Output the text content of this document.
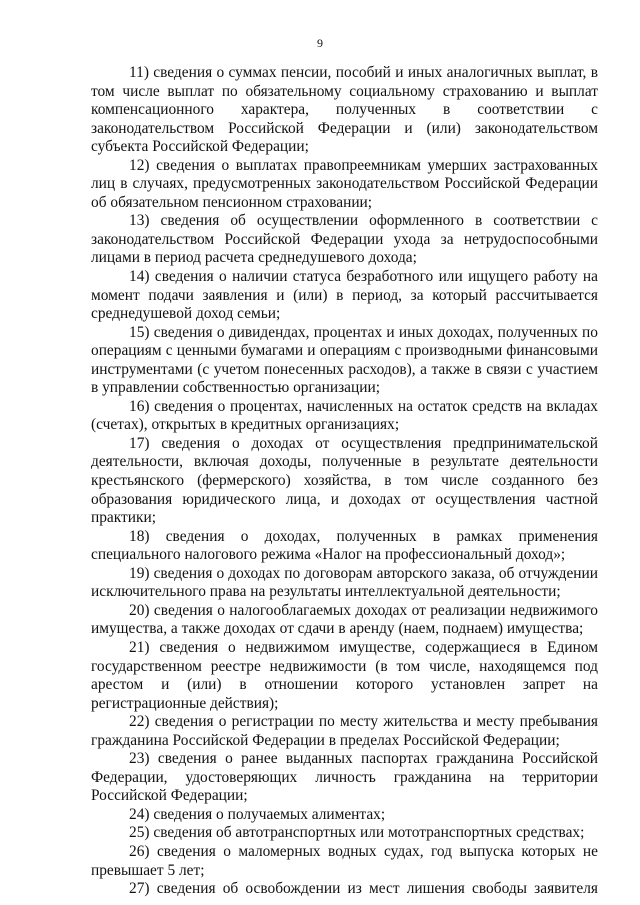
9

11) сведения о суммах пенсии, пособий и иных аналогичных выплат, в том числе выплат по обязательному социальному страхованию и выплат компенсационного характера, полученных в соответствии с законодательством Российской Федерации и (или) законодательством субъекта Российской Федерации;

12) сведения о выплатах правопреемникам умерших застрахованных лиц в случаях, предусмотренных законодательством Российской Федерации об обязательном пенсионном страховании;

13) сведения об осуществлении оформленного в соответствии с законодательством Российской Федерации ухода за нетрудоспособными лицами в период расчета среднедушевого дохода;

14) сведения о наличии статуса безработного или ищущего работу на момент подачи заявления и (или) в период, за который рассчитывается среднедушевой доход семьи;

15) сведения о дивидендах, процентах и иных доходах, полученных по операциям с ценными бумагами и операциям с производными финансовыми инструментами (с учетом понесенных расходов), а также в связи с участием в управлении собственностью организации;

16) сведения о процентах, начисленных на остаток средств на вкладах (счетах), открытых в кредитных организациях;

17) сведения о доходах от осуществления предпринимательской деятельности, включая доходы, полученные в результате деятельности крестьянского (фермерского) хозяйства, в том числе созданного без образования юридического лица, и доходах от осуществления частной практики;

18) сведения о доходах, полученных в рамках применения специального налогового режима «Налог на профессиональный доход»;

19) сведения о доходах по договорам авторского заказа, об отчуждении исключительного права на результаты интеллектуальной деятельности;

20) сведения о налогооблагаемых доходах от реализации недвижимого имущества, а также доходах от сдачи в аренду (наем, поднаем) имущества;

21) сведения о недвижимом имуществе, содержащиеся в Едином государственном реестре недвижимости (в том числе, находящемся под арестом и (или) в отношении которого установлен запрет на регистрационные действия);

22) сведения о регистрации по месту жительства и месту пребывания гражданина Российской Федерации в пределах Российской Федерации;

23) сведения о ранее выданных паспортах гражданина Российской Федерации, удостоверяющих личность гражданина на территории Российской Федерации;

24) сведения о получаемых алиментах;

25) сведения об автотранспортных или мототранспортных средствах;

26) сведения о маломерных водных судах, год выпуска которых не превышает 5 лет;

27) сведения об освобождении из мест лишения свободы заявителя
